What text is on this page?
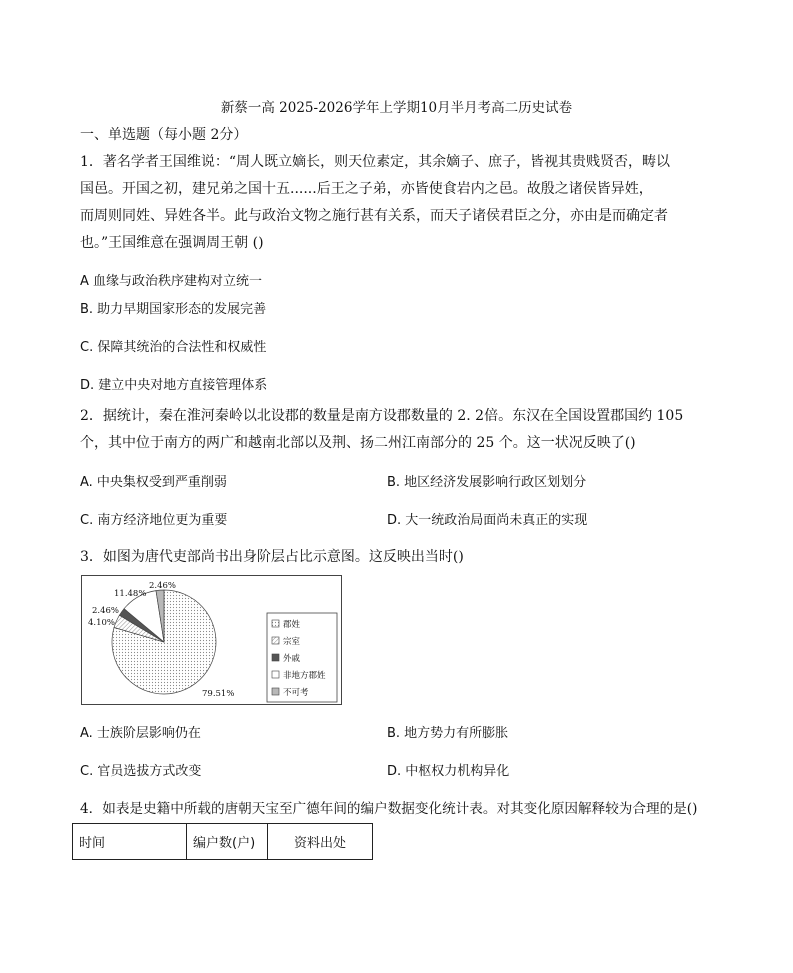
新蔡一高 2025-2026学年上学期10月半月考高二历史试卷
一、单选题（每小题 2分）
1．著名学者王国维说：“周人既立嫡长，则天位素定，其余嫡子、庶子，皆视其贵贱贤否，畴以
国邑。开国之初，建兄弟之国十五......后王之子弟，亦皆使食岩内之邑。故殷之诸侯皆异姓，
而周则同姓、异姓各半。此与政治文物之施行甚有关系，而天子诸侯君臣之分，亦由是而确定者
也。”王国维意在强调周王朝 ()
A 血缘与政治秩序建构对立统一
B. 助力早期国家形态的发展完善
C. 保障其统治的合法性和权威性
D. 建立中央对地方直接管理体系
2．据统计，秦在淮河秦岭以北设郡的数量是南方设郡数量的 2. 2倍。东汉在全国设置郡国约 105
个，其中位于南方的两广和越南北部以及荆、扬二州江南部分的 25 个。这一状况反映了()
A. 中央集权受到严重削弱	B. 地区经济发展影响行政区划划分
C. 南方经济地位更为重要	D. 大一统政治局面尚未真正的实现
3．如图为唐代吏部尚书出身阶层占比示意图。这反映出当时()
79.51%
4.10%
2.46%
11.48%
2.46%
郡姓
宗室
外戚
非地方郡姓
不可考
A. 士族阶层影响仍在	B. 地方势力有所膨胀
C. 官员选拔方式改变	D. 中枢权力机构异化
4．如表是史籍中所载的唐朝天宝至广德年间的编户数据变化统计表。对其变化原因解释较为合理的是()
时间	编户数(户)	资料出处
